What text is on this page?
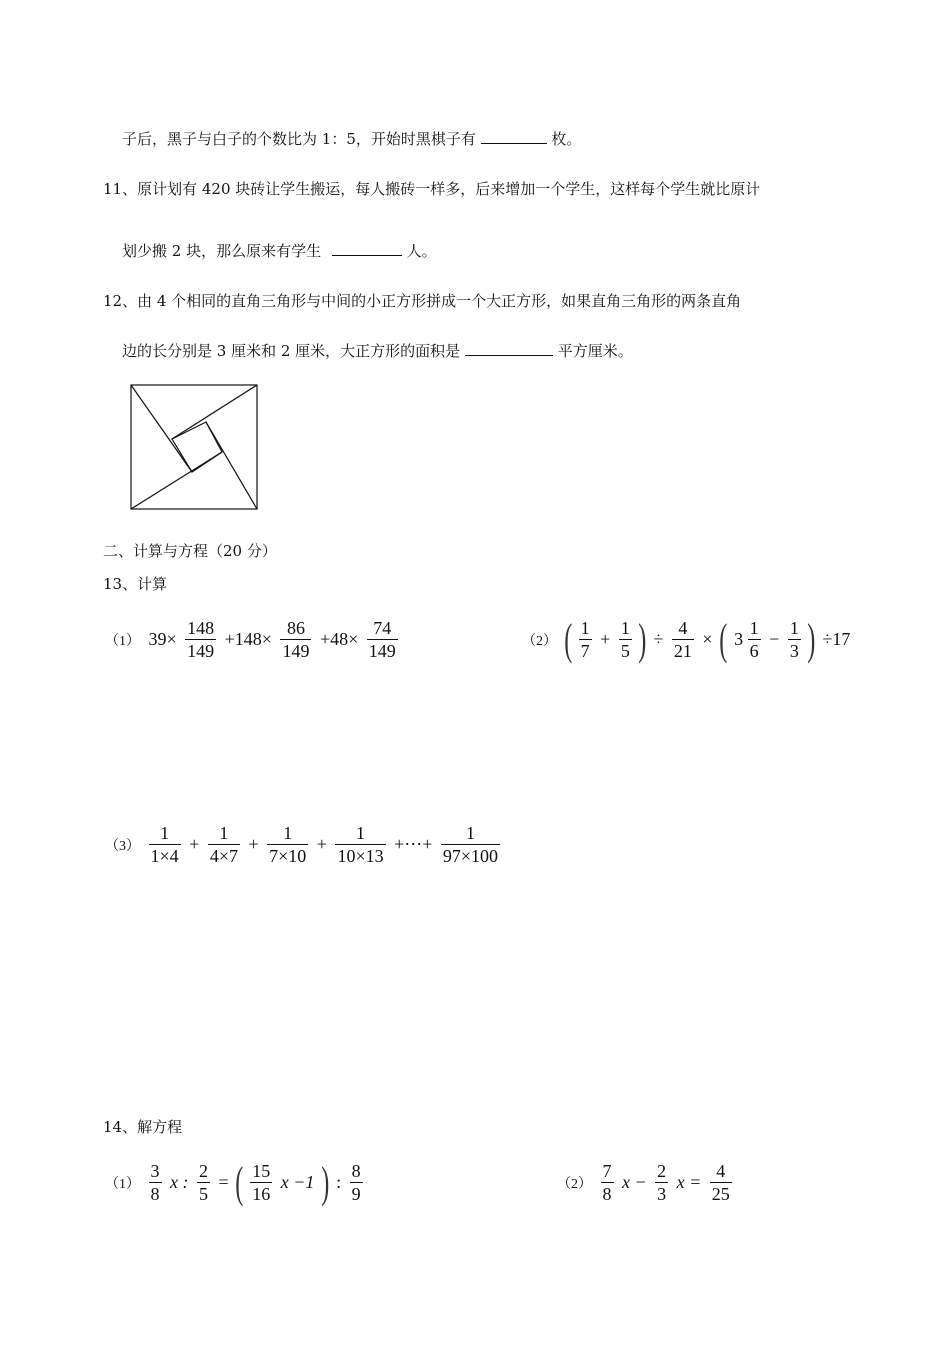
子后，黑子与白子的个数比为 1：5，开始时黑棋子有	枚。
11、原计划有 420 块砖让学生搬运，每人搬砖一样多，后来增加一个学生，这样每个学生就比原计
划少搬 2 块，那么原来有学生	人。
12、由 4 个相同的直角三角形与中间的小正方形拼成一个大正方形，如果直角三角形的两条直角
边的长分别是 3 厘米和 2 厘米，大正方形的面积是	平方厘米。
二、计算与方程（20 分）
13、计算
（1） $39\times \frac{148}{149} +148\times \frac{86}{149} +48\times \frac{74}{149}$	（2） ( $\frac{1}{7} + \frac{1}{5}$ ) ÷ $\frac{4}{21}$ × ( $3 \frac{1}{6} - \frac{1}{3}$ ) ÷17
$(3) \frac{1}{1\times 4} + \frac{1}{4\times 7} + \frac{1}{7\times 10} + \frac{1}{10\times 13}$ +⋯+ $\frac{1}{97\times 100}$
14、解方程
$(1) \frac{3}{8}$ x : $\frac{2}{5}$ = ( $\frac{15}{16}$ x −1 ) : $\frac{8}{9}$	$(2) \frac{7}{8}$ $x - \frac{2}{3}$ $x = \frac{4}{25}$
